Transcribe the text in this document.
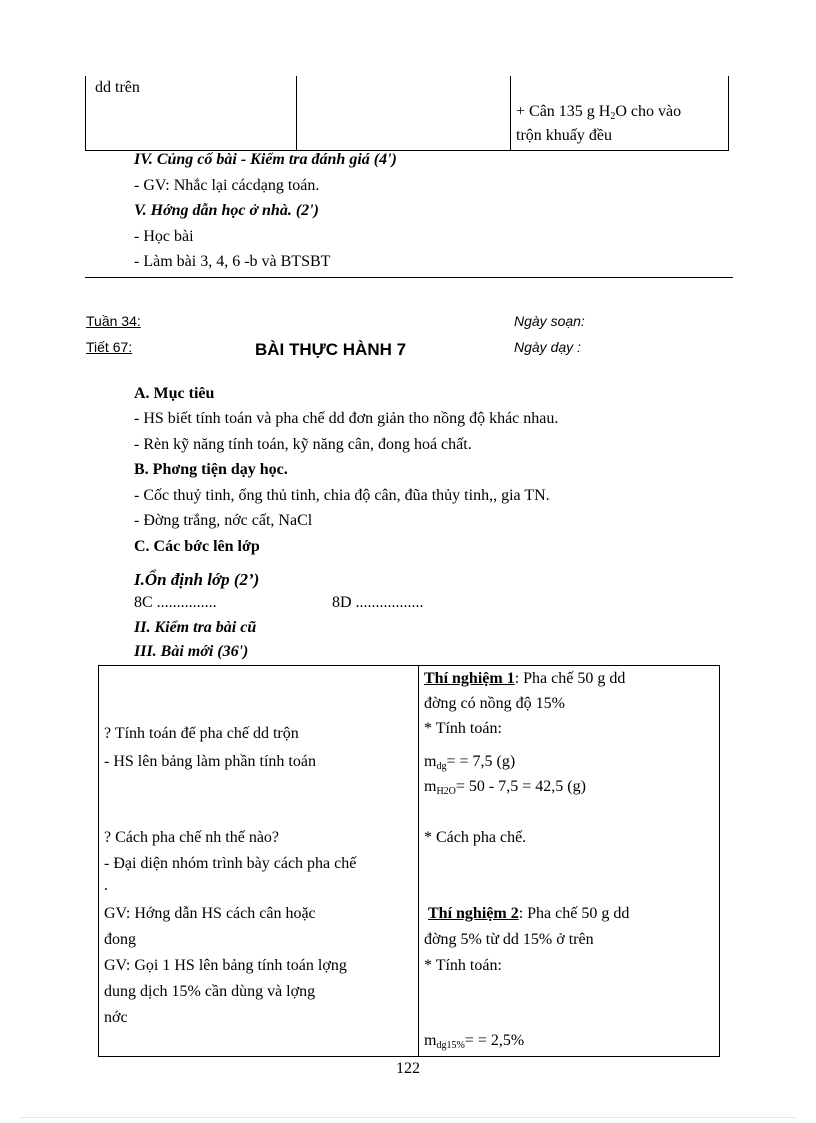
dd trên
+ Cân 135 g $H_2O$ cho vào
trộn khuấy đều
IV. Củng cố bài - Kiểm tra đánh giá (4')
- GV: Nhắc lại cácdạng toán.
V. Hớng dẫn học ở nhà. (2')
- Học bài
- Làm bài 3, 4, 6 -b và BTSBT
Tuần 34:
Tiết 67:	BÀI THỰC HÀNH 7
Ngày soạn:
Ngày dạy :
A. Mục tiêu
- HS biết tính toán và pha chế dd đơn giản tho nồng độ khác nhau.
- Rèn kỹ năng tính toán, kỹ năng cân, đong hoá chất.
B. Phơng tiện dạy học.
- Cốc thuỷ tinh, ống thủ tinh, chia độ cân, đũa thủy tinh,, gia TN.
- Đờng trắng, nớc cất, NaCl
C. Các bớc lên lớp
I.Ổn định lớp (2’)
8C ...............	8D .................
II. Kiểm tra bài cũ
III. Bài mới (36')
? Tính toán để pha chế dd trộn
- HS lên bảng làm phần tính toán
? Cách pha chế nh thế nào?
- Đại diện nhóm trình bày cách pha chế
.
GV: Hớng dẫn HS cách cân hoặc
đong
GV: Gọi 1 HS lên bảng tính toán lợng
dung dịch 15% cần dùng và lợng
nớc
Thí nghiệm 1: Pha chế 50 g dd
đờng có nồng độ 15%
* Tính toán:
$m_{dg}= = 7,5$ (g)
$m_{H2O}= 50 - 7,5 = 42,5$ (g)
* Cách pha chế.
Thí nghiệm 2: Pha chế 50 g dd
đờng 5% từ dd 15% ở trên
* Tính toán:
$m_{dg15\%}= = 2,5\%$
122
